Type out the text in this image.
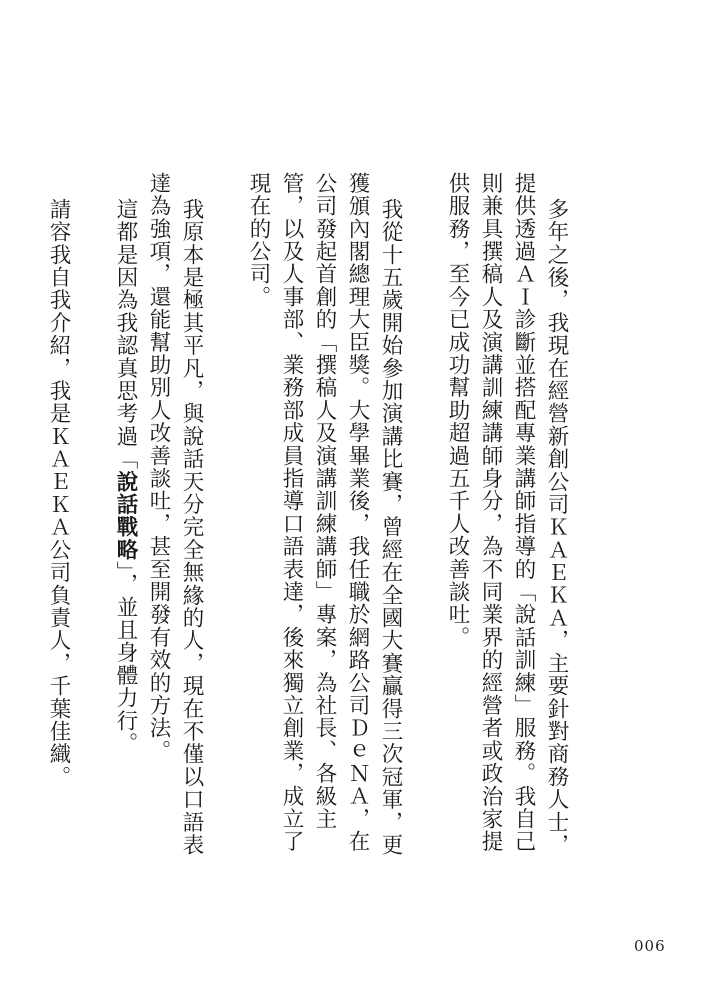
多年之後，我現在經營新創公司ＫＡＥＫＡ，主要針對商務人士，提供透過ＡＩ診斷並搭配專業講師指導的「說話訓練」服務。我自己則兼具撰稿人及演講訓練講師身分，為不同業界的經營者或政治家提供服務，至今已成功幫助超過五千人改善談吐。

我從十五歲開始參加演講比賽，曾經在全國大賽贏得三次冠軍，更獲頒內閣總理大臣獎。大學畢業後，我任職於網路公司ＤｅＮＡ，在公司發起首創的「撰稿人及演講訓練講師」專案，為社長、各級主管，以及人事部、業務部成員指導口語表達，後來獨立創業，成立了現在的公司。

我原本是極其平凡，與說話天分完全無緣的人，現在不僅以口語表達為強項，還能幫助別人改善談吐，甚至開發有效的方法。

這都是因為我認真思考過「說話戰略」，並且身體力行。

請容我自我介紹，我是ＫＡＥＫＡ公司負責人，千葉佳織。

006
